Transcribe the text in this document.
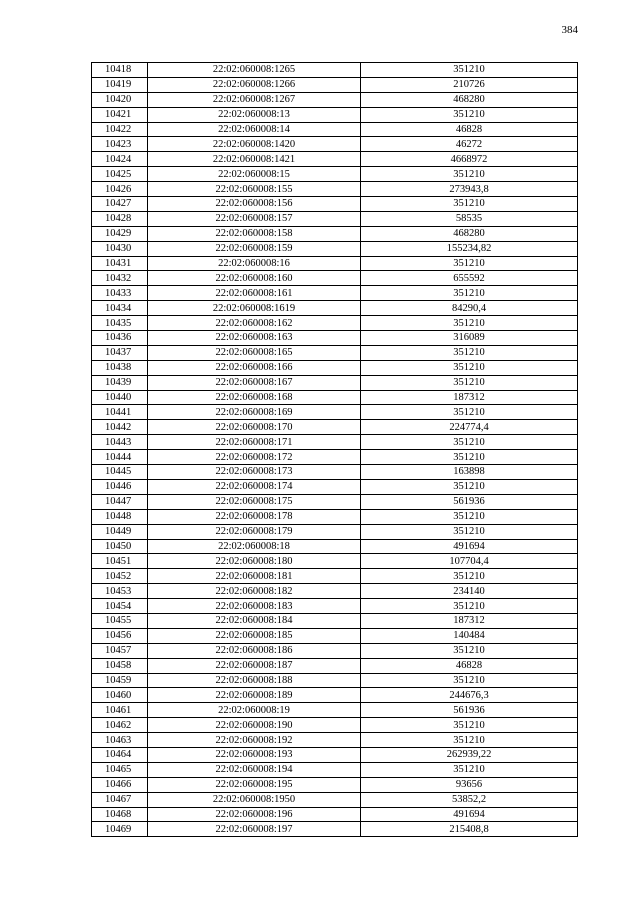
384
10418	22:02:060008:1265	351210
10419	22:02:060008:1266	210726
10420	22:02:060008:1267	468280
10421	22:02:060008:13	351210
10422	22:02:060008:14	46828
10423	22:02:060008:1420	46272
10424	22:02:060008:1421	4668972
10425	22:02:060008:15	351210
10426	22:02:060008:155	273943,8
10427	22:02:060008:156	351210
10428	22:02:060008:157	58535
10429	22:02:060008:158	468280
10430	22:02:060008:159	155234,82
10431	22:02:060008:16	351210
10432	22:02:060008:160	655592
10433	22:02:060008:161	351210
10434	22:02:060008:1619	84290,4
10435	22:02:060008:162	351210
10436	22:02:060008:163	316089
10437	22:02:060008:165	351210
10438	22:02:060008:166	351210
10439	22:02:060008:167	351210
10440	22:02:060008:168	187312
10441	22:02:060008:169	351210
10442	22:02:060008:170	224774,4
10443	22:02:060008:171	351210
10444	22:02:060008:172	351210
10445	22:02:060008:173	163898
10446	22:02:060008:174	351210
10447	22:02:060008:175	561936
10448	22:02:060008:178	351210
10449	22:02:060008:179	351210
10450	22:02:060008:18	491694
10451	22:02:060008:180	107704,4
10452	22:02:060008:181	351210
10453	22:02:060008:182	234140
10454	22:02:060008:183	351210
10455	22:02:060008:184	187312
10456	22:02:060008:185	140484
10457	22:02:060008:186	351210
10458	22:02:060008:187	46828
10459	22:02:060008:188	351210
10460	22:02:060008:189	244676,3
10461	22:02:060008:19	561936
10462	22:02:060008:190	351210
10463	22:02:060008:192	351210
10464	22:02:060008:193	262939,22
10465	22:02:060008:194	351210
10466	22:02:060008:195	93656
10467	22:02:060008:1950	53852,2
10468	22:02:060008:196	491694
10469	22:02:060008:197	215408,8
